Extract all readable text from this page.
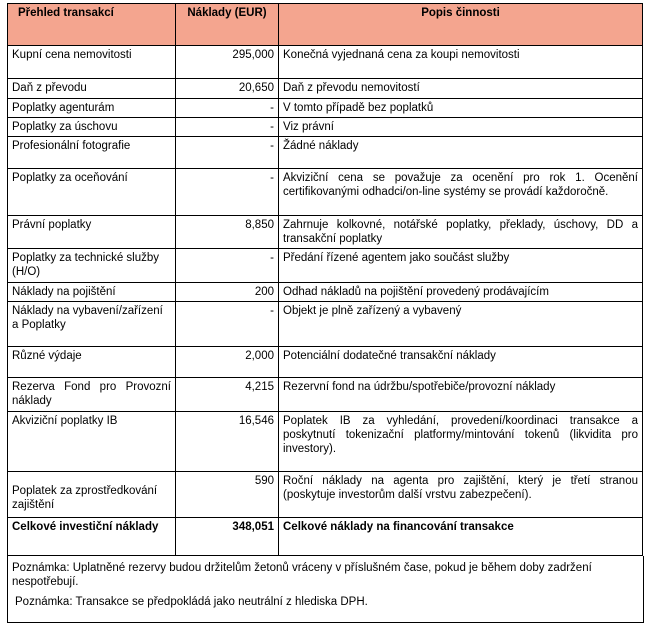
Přehled transakcí	Náklady (EUR)	Popis činnosti
Kupní cena nemovitosti	295,000	Konečná vyjednaná cena za koupi nemovitosti
Daň z převodu	20,650	Daň z převodu nemovitostí
Poplatky agenturám	-	V tomto případě bez poplatků
Poplatky za úschovu	-	Viz právní
Profesionální fotografie	-	Žádné náklady
Poplatky za oceňování	-	Akviziční cena se považuje za ocenění pro rok 1. Ocenění certifikovanými odhadci/on-line systémy se provádí každoročně.
Právní poplatky	8,850	Zahrnuje kolkovné, notářské poplatky, překlady, úschovy, DD a transakční poplatky
Poplatky za technické služby (H/O)	-	Předání řízené agentem jako součást služby
Náklady na pojištění	200	Odhad nákladů na pojištění provedený prodávajícím
Náklady na vybavení/zařízení a Poplatky	-	Objekt je plně zařízený a vybavený
Různé výdaje	2,000	Potenciální dodatečné transakční náklady
Rezerva Fond pro Provozní náklady	4,215	Rezervní fond na údržbu/spotřebiče/provozní náklady
Akviziční poplatky IB	16,546	Poplatek IB za vyhledání, provedení/koordinaci transakce a poskytnutí tokenizační platformy/mintování tokenů (likvidita pro investory).
Poplatek za zprostředkování zajištění	590	Roční náklady na agenta pro zajištění, který je třetí stranou (poskytuje investorům další vrstvu zabezpečení).
Celkové investiční náklady	348,051	Celkové náklady na financování transakce

Poznámka: Uplatněné rezervy budou držitelům žetonů vráceny v příslušném čase, pokud je během doby zadržení nespotřebují.

Poznámka: Transakce se předpokládá jako neutrální z hlediska DPH.
